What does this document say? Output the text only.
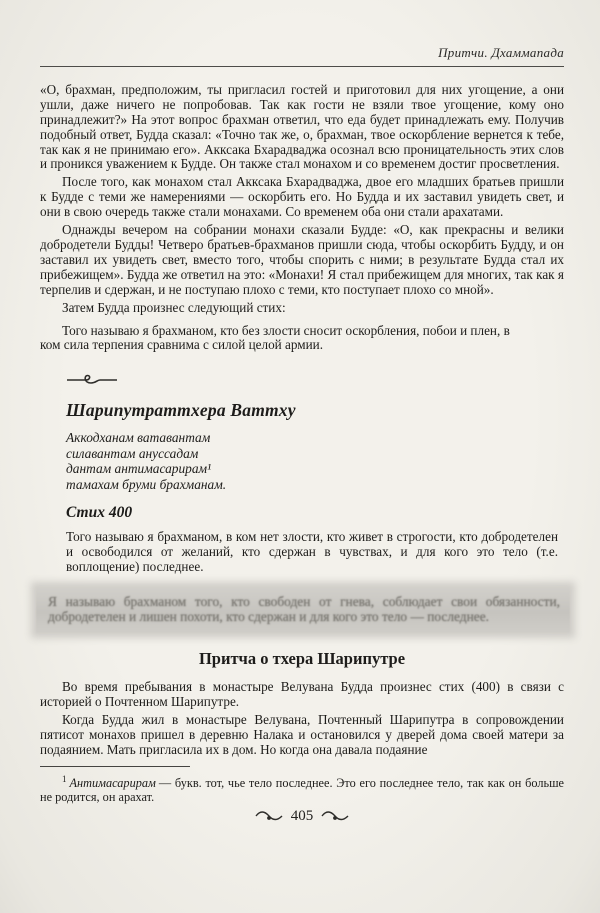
Притчи. Дхаммапада

«О, брахман, предположим, ты пригласил гостей и приготовил для них угощение, а они ушли, даже ничего не попробовав. Так как гости не взяли твое угощение, кому оно принадлежит?» На этот вопрос брахман ответил, что еда будет принадлежать ему. Получив подобный ответ, Будда сказал: «Точно так же, о, брахман, твое оскорбление вернется к тебе, так как я не принимаю его». Акксака Бхарадваджа осознал всю проницательность этих слов и проникся уважением к Будде. Он также стал монахом и со временем достиг просветления.

После того, как монахом стал Акксака Бхарадваджа, двое его младших братьев пришли к Будде с теми же намерениями — оскорбить его. Но Будда и их заставил увидеть свет, и они в свою очередь также стали монахами. Со временем оба они стали арахатами.

Однажды вечером на собрании монахи сказали Будде: «О, как прекрасны и велики добродетели Будды! Четверо братьев-брахманов пришли сюда, чтобы оскорбить Будду, и он заставил их увидеть свет, вместо того, чтобы спорить с ними; в результате Будда стал их прибежищем». Будда же ответил на это: «Монахи! Я стал прибежищем для многих, так как я терпелив и сдержан, и не поступаю плохо с теми, кто поступает плохо со мной».

Затем Будда произнес следующий стих:

Того называю я брахманом, кто без злости сносит оскорбления, побои и плен, в ком сила терпения сравнима с силой целой армии.

Шарипутраттхера Ваттху
Аккодханам ватавантам
силавантам ануссадам
дантам антимасарирам¹
тамахам бруми брахманам.
Стих 400
Того называю я брахманом, в ком нет злости, кто живет в строгости, кто добродетелен и освободился от желаний, кто сдержан в чувствах, и для кого это тело (т.е. воплощение) последнее.
Я называю брахманом того, кто свободен от гнева, соблюдает свои обязанности, добродетелен и лишен похоти, кто сдержан и для кого это тело — последнее.
Притча о тхера Шарипутре

Во время пребывания в монастыре Велувана Будда произнес стих (400) в связи с историей о Почтенном Шарипутре.

Когда Будда жил в монастыре Велувана, Почтенный Шарипутра в сопровождении пятисот монахов пришел в деревню Налака и остановился у дверей дома своей матери за подаянием. Мать пригласила их в дом. Но когда она давала подаяние

$^1$ Антимасарирам — букв. тот, чье тело последнее. Это его последнее тело, так как он больше не родится, он арахат.
405
